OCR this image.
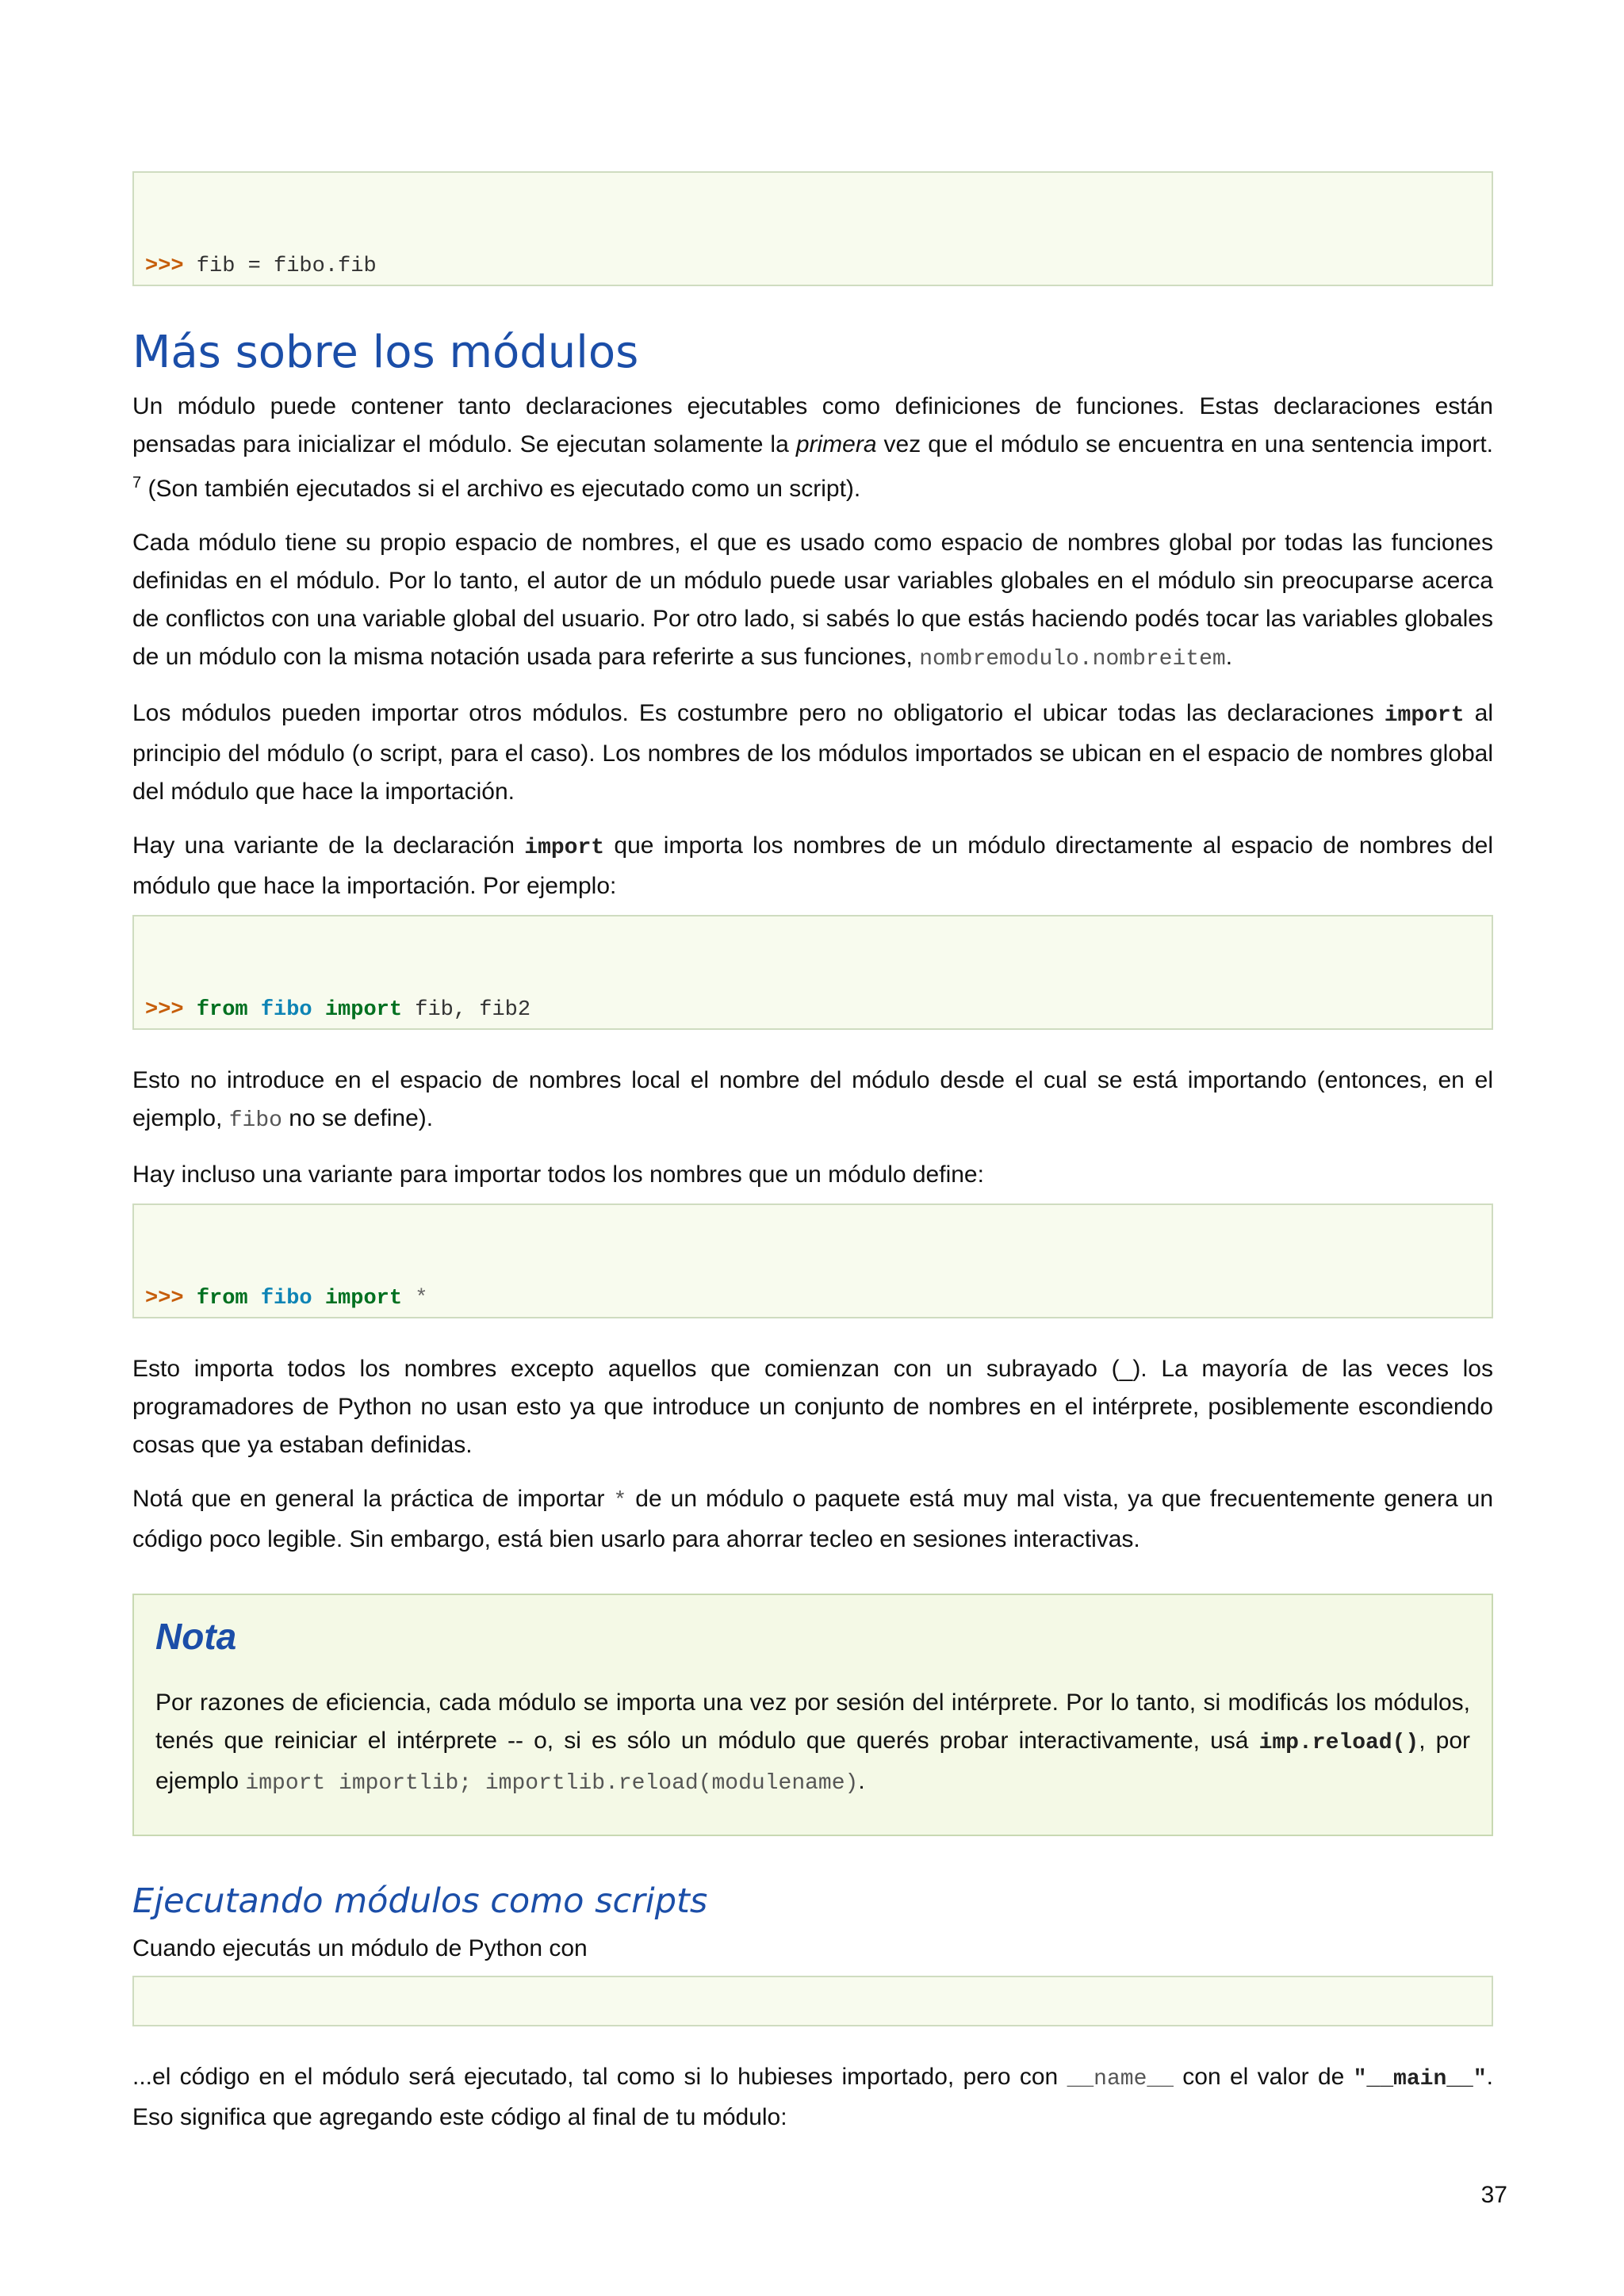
>>> fib = fibo.fib

Más sobre los módulos

Un módulo puede contener tanto declaraciones ejecutables como definiciones de funciones. Estas declaraciones están pensadas para inicializar el módulo. Se ejecutan solamente la primera vez que el módulo se encuentra en una sentencia import. $^7$ (Son también ejecutados si el archivo es ejecutado como un script).

Cada módulo tiene su propio espacio de nombres, el que es usado como espacio de nombres global por todas las funciones definidas en el módulo. Por lo tanto, el autor de un módulo puede usar variables globales en el módulo sin preocuparse acerca de conflictos con una variable global del usuario. Por otro lado, si sabés lo que estás haciendo podés tocar las variables globales de un módulo con la misma notación usada para referirte a sus funciones, nombremodulo.nombreitem.

Los módulos pueden importar otros módulos. Es costumbre pero no obligatorio el ubicar todas las declaraciones import al principio del módulo (o script, para el caso). Los nombres de los módulos importados se ubican en el espacio de nombres global del módulo que hace la importación.

Hay una variante de la declaración import que importa los nombres de un módulo directamente al espacio de nombres del módulo que hace la importación. Por ejemplo:

>>> from fibo import fib, fib2

Esto no introduce en el espacio de nombres local el nombre del módulo desde el cual se está importando (entonces, en el ejemplo, fibo no se define).

Hay incluso una variante para importar todos los nombres que un módulo define:

>>> from fibo import *

Esto importa todos los nombres excepto aquellos que comienzan con un subrayado (_). La mayoría de las veces los programadores de Python no usan esto ya que introduce un conjunto de nombres en el intérprete, posiblemente escondiendo cosas que ya estaban definidas.

Notá que en general la práctica de importar * de un módulo o paquete está muy mal vista, ya que frecuentemente genera un código poco legible. Sin embargo, está bien usarlo para ahorrar tecleo en sesiones interactivas.

Nota

Por razones de eficiencia, cada módulo se importa una vez por sesión del intérprete. Por lo tanto, si modificás los módulos, tenés que reiniciar el intérprete -- o, si es sólo un módulo que querés probar interactivamente, usá imp.reload(), por ejemplo import importlib; importlib.reload(modulename).

Ejecutando módulos como scripts

Cuando ejecutás un módulo de Python con

...el código en el módulo será ejecutado, tal como si lo hubieses importado, pero con __name__ con el valor de "__main__". Eso significa que agregando este código al final de tu módulo:

37
